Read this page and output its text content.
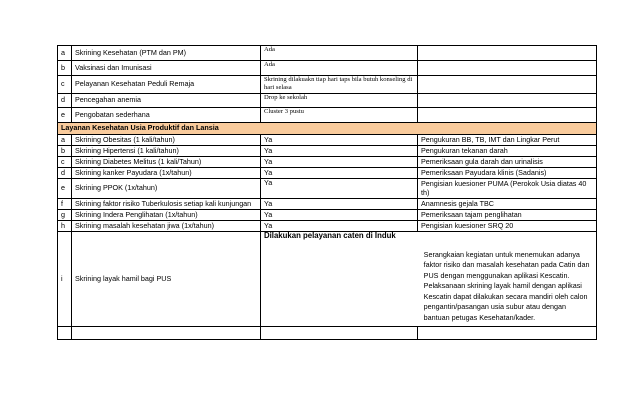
a	Skrining Kesehatan (PTM dan PM)	Ada	
b	Vaksinasi dan Imunisasi	Ada	
c	Pelayanan Kesehatan Peduli Remaja	Skrining dilakuakn tiap hari taps bila butuh konseling di hari selasa	
d	Pencegahan anemia	Drop ke sekolah	
e	Pengobatan sederhana	Cluster 3 pustu	
Layanan Kesehatan Usia Produktif dan Lansia			
a	Skrining Obesitas (1 kali/tahun)	Ya	Pengukuran BB, TB, IMT dan Lingkar Perut
b	Skrining Hipertensi (1 kali/tahun)	Ya	Pengukuran tekanan darah
c	Skrining Diabetes Melitus (1 kali/Tahun)	Ya	Pemeriksaan gula darah dan urinalisis
d	Skrining kanker Payudara (1x/tahun)	Ya	Pemeriksaan Payudara klinis (Sadanis)
e	Skrining PPOK (1x/tahun)	Ya	Pengisian kuesioner PUMA (Perokok Usia diatas 40 th)
f	Skrining faktor risiko Tuberkulosis setiap kali kunjungan	Ya	Anamnesis gejala TBC
g	Skrining Indera Penglihatan (1x/tahun)	Ya	Pemeriksaan tajam penglihatan
h	Skrining masalah kesehatan jiwa (1x/tahun)	Ya	Pengisian kuesioner SRQ 20
i	Skrining layak hamil bagi PUS	Dilakukan pelayanan caten di Induk
Serangkaian kegiatan untuk menemukan adanya faktor risiko dan masalah kesehatan pada Catin dan PUS dengan menggunakan aplikasi Kescatin. Pelaksanaan skrining layak hamil dengan aplikasi Kescatin dapat dilakukan secara mandiri oleh calon pengantin/pasangan usia subur atau dengan bantuan petugas Kesehatan/kader.	
